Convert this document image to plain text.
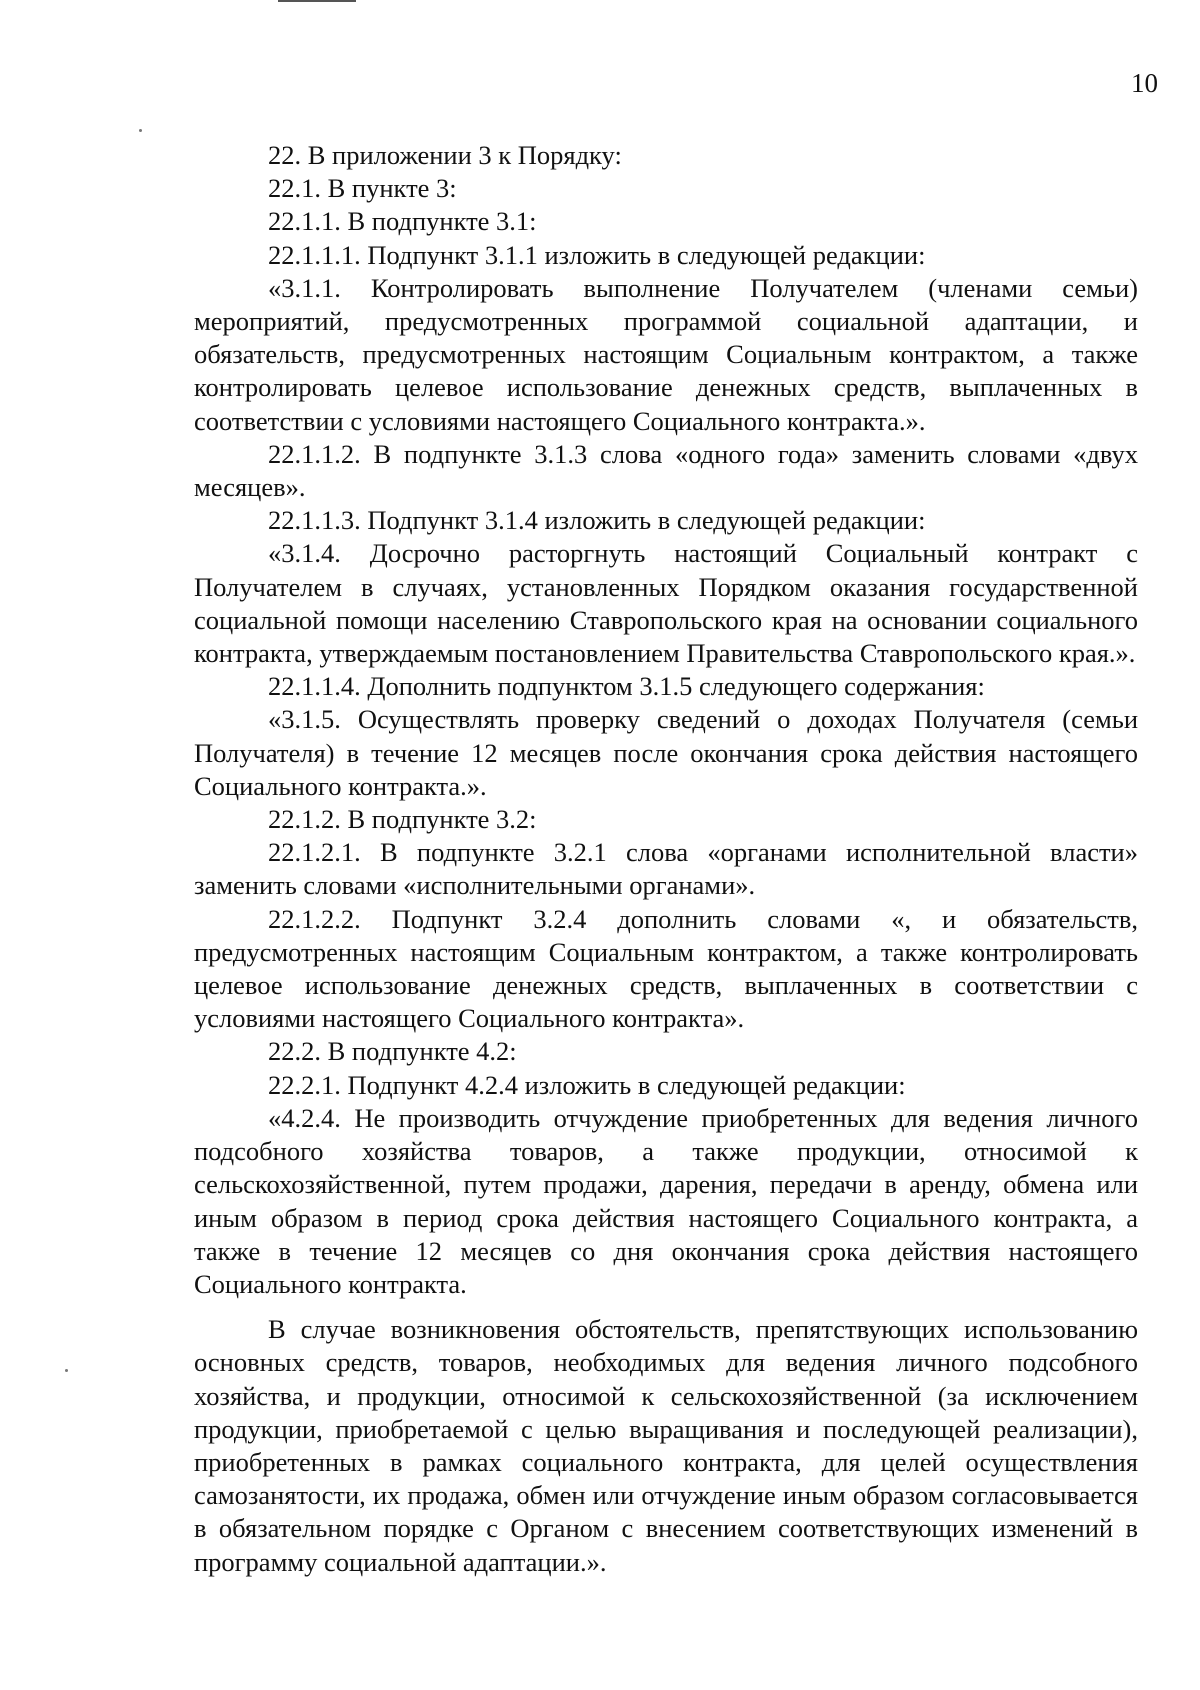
10

22. В приложении 3 к Порядку:

22.1. В пункте 3:

22.1.1. В подпункте 3.1:

22.1.1.1. Подпункт 3.1.1 изложить в следующей редакции:

«3.1.1. Контролировать выполнение Получателем (членами семьи) мероприятий, предусмотренных программой социальной адаптации, и обязательств, предусмотренных настоящим Социальным контрактом, а также контролировать целевое использование денежных средств, выплаченных в соответствии с условиями настоящего Социального контракта.».

22.1.1.2. В подпункте 3.1.3 слова «одного года» заменить словами «двух месяцев».

22.1.1.3. Подпункт 3.1.4 изложить в следующей редакции:

«3.1.4. Досрочно расторгнуть настоящий Социальный контракт с Получателем в случаях, установленных Порядком оказания государственной социальной помощи населению Ставропольского края на основании социального контракта, утверждаемым постановлением Правительства Ставропольского края.».

22.1.1.4. Дополнить подпунктом 3.1.5 следующего содержания:

«3.1.5. Осуществлять проверку сведений о доходах Получателя (семьи Получателя) в течение 12 месяцев после окончания срока действия настоящего Социального контракта.».

22.1.2. В подпункте 3.2:

22.1.2.1. В подпункте 3.2.1 слова «органами исполнительной власти» заменить словами «исполнительными органами».

22.1.2.2. Подпункт 3.2.4 дополнить словами «, и обязательств, предусмотренных настоящим Социальным контрактом, а также контролировать целевое использование денежных средств, выплаченных в соответствии с условиями настоящего Социального контракта».

22.2. В подпункте 4.2:

22.2.1. Подпункт 4.2.4 изложить в следующей редакции:

«4.2.4. Не производить отчуждение приобретенных для ведения личного подсобного хозяйства товаров, а также продукции, относимой к сельскохозяйственной, путем продажи, дарения, передачи в аренду, обмена или иным образом в период срока действия настоящего Социального контракта, а также в течение 12 месяцев со дня окончания срока действия настоящего Социального контракта.

В случае возникновения обстоятельств, препятствующих использованию основных средств, товаров, необходимых для ведения личного подсобного хозяйства, и продукции, относимой к сельскохозяйственной (за исключением продукции, приобретаемой с целью выращивания и последующей реализации), приобретенных в рамках социального контракта, для целей осуществления самозанятости, их продажа, обмен или отчуждение иным образом согласовывается в обязательном порядке с Органом с внесением соответствующих изменений в программу социальной адаптации.».
